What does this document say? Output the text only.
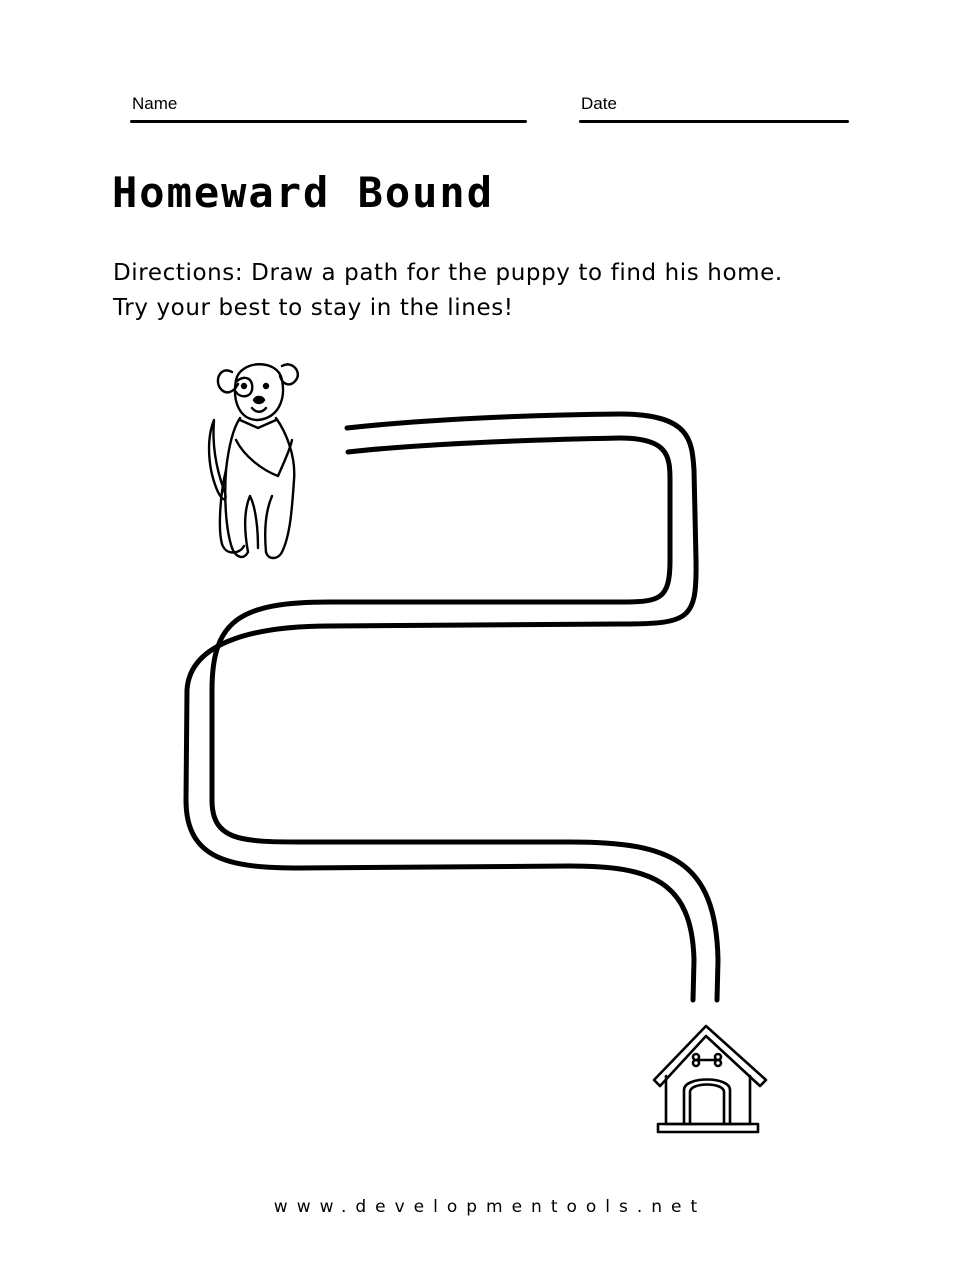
Name	Date
Homeward Bound

Directions: Draw a path for the puppy to find his home.

Try your best to stay in the lines!

www.developmentools.net
